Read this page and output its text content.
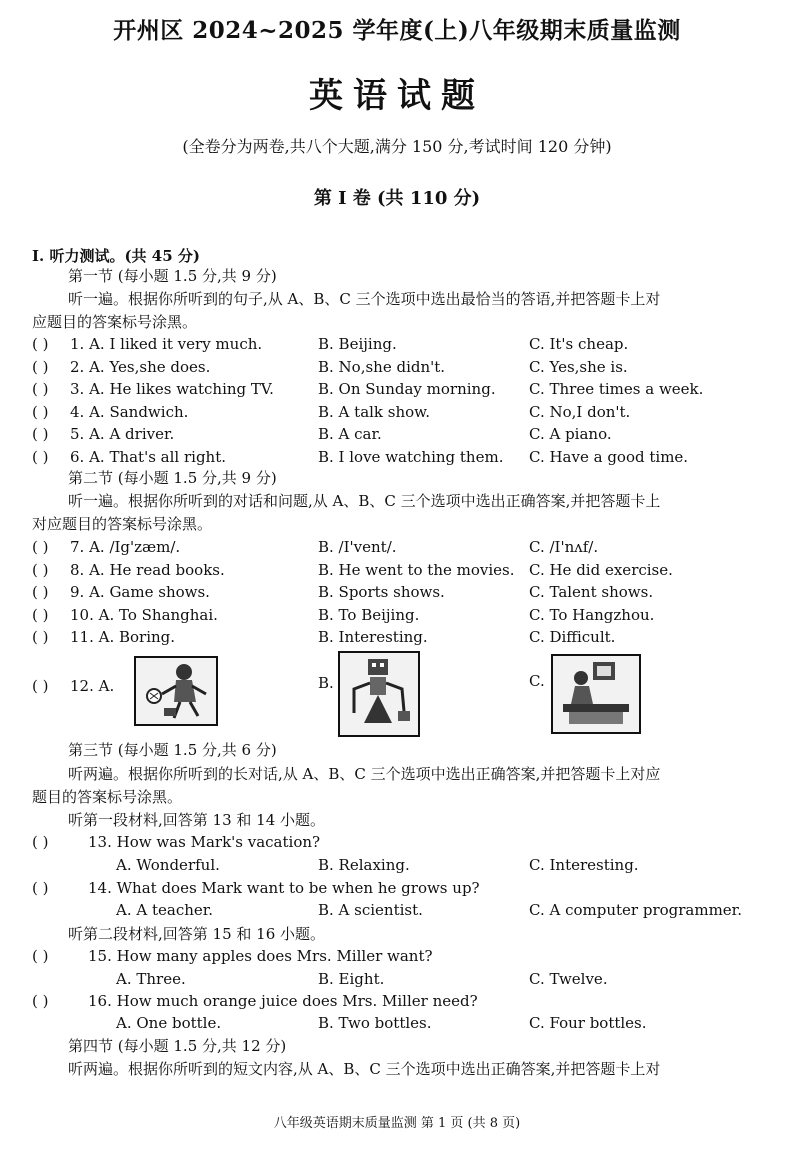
开州区 2024~2025 学年度(上)八年级期末质量监测
英语试题
(全卷分为两卷,共八个大题,满分 150 分,考试时间 120 分钟)
第 I 卷 (共 110 分)
I. 听力测试。(共 45 分)
第一节 (每小题 1.5 分,共 9 分)
听一遍。根据你所听到的句子,从 A、B、C 三个选项中选出最恰当的答语,并把答题卡上对
应题目的答案标号涂黑。
( ) 1. A. I liked it very much.	B. Beijing.	C. It's cheap.
( ) 2. A. Yes,she does.	B. No,she didn't.	C. Yes,she is.
( ) 3. A. He likes watching TV.	B. On Sunday morning. C. Three times a week.
( ) 4. A. Sandwich.	B. A talk show.	C. No,I don't.
( ) 5. A. A driver.	B. A car.	C. A piano.
( ) 6. A. That's all right.	B. I love watching them. C. Have a good time.
第二节 (每小题 1.5 分,共 9 分)
听一遍。根据你所听到的对话和问题,从 A、B、C 三个选项中选出正确答案,并把答题卡上
对应题目的答案标号涂黑。
( ) 7. A. /Ig'zæm/.	B. /I'vent/.	C. /I'nʌf/.
( ) 8. A. He read books.	B. He went to the movies. C. He did exercise.
( ) 9. A. Game shows.	B. Sports shows.	C. Talent shows.
( ) 10. A. To Shanghai.	B. To Beijing.	C. To Hangzhou.
( ) 11. A. Boring.	B. Interesting.	C. Difficult.
( ) 12. A.	B.	C.
第三节 (每小题 1.5 分,共 6 分)
听两遍。根据你所听到的长对话,从 A、B、C 三个选项中选出正确答案,并把答题卡上对应
题目的答案标号涂黑。
听第一段材料,回答第 13 和 14 小题。
( )	13. How was Mark's vacation?
A. Wonderful.	B. Relaxing.	C. Interesting.
( )	14. What does Mark want to be when he grows up?
A. A teacher.	B. A scientist.	C. A computer programmer.
听第二段材料,回答第 15 和 16 小题。
( )	15. How many apples does Mrs. Miller want?
A. Three.	B. Eight.	C. Twelve.
( )	16. How much orange juice does Mrs. Miller need?
A. One bottle.	B. Two bottles.	C. Four bottles.
第四节 (每小题 1.5 分,共 12 分)
听两遍。根据你所听到的短文内容,从 A、B、C 三个选项中选出正确答案,并把答题卡上对
八年级英语期末质量监测 第 1 页 (共 8 页)
